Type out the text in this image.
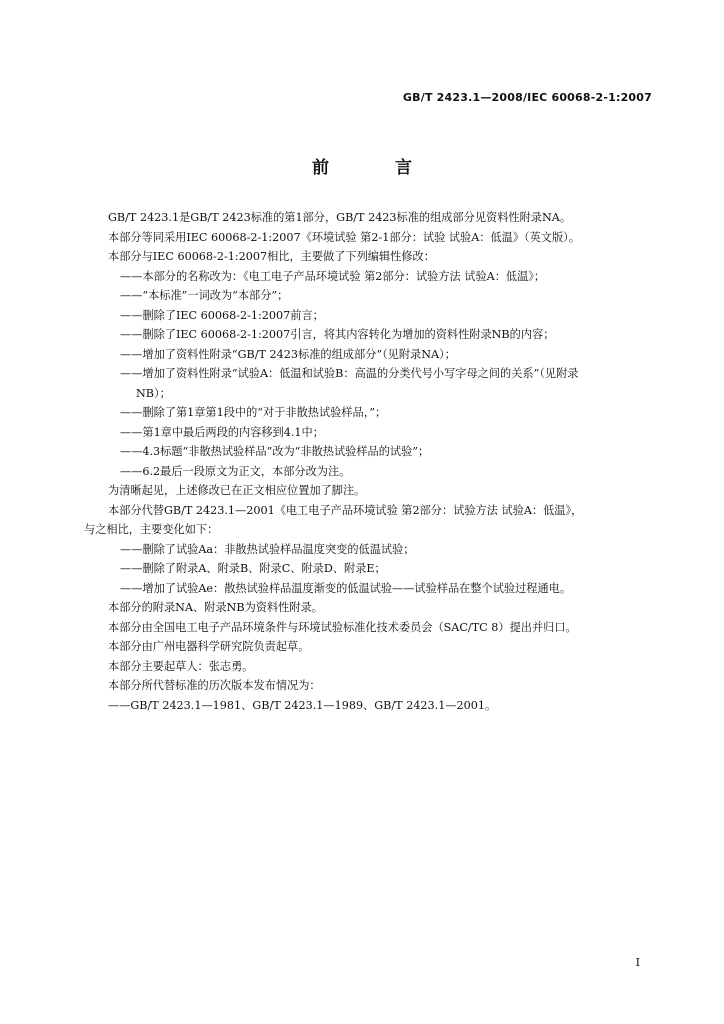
GB/T 2423.1—2008/IEC 60068-2-1:2007
前 言
GB/T 2423.1是GB/T 2423标准的第1部分，GB/T 2423标准的组成部分见资料性附录NA。
本部分等同采用IEC 60068-2-1:2007《环境试验 第2-1部分：试验 试验A：低温》（英文版）。
本部分与IEC 60068-2-1:2007相比，主要做了下列编辑性修改：
——本部分的名称改为：《电工电子产品环境试验 第2部分：试验方法 试验A：低温》；
——“本标准”一词改为“本部分”；
——删除了IEC 60068-2-1:2007前言；
——删除了IEC 60068-2-1:2007引言，将其内容转化为增加的资料性附录NB的内容；
——增加了资料性附录“GB/T 2423标准的组成部分”（见附录NA）；
——增加了资料性附录“试验A：低温和试验B：高温的分类代号小写字母之间的关系”（见附录
NB）；
——删除了第1章第1段中的“对于非散热试验样品，”；
——第1章中最后两段的内容移到4.1中；
——4.3标题“非散热试验样品”改为“非散热试验样品的试验”；
——6.2最后一段原文为正文，本部分改为注。
为清晰起见，上述修改已在正文相应位置加了脚注。
本部分代替GB/T 2423.1—2001《电工电子产品环境试验 第2部分：试验方法 试验A：低温》，
与之相比，主要变化如下：
——删除了试验Aa：非散热试验样品温度突变的低温试验；
——删除了附录A、附录B、附录C、附录D、附录E；
——增加了试验Ae：散热试验样品温度渐变的低温试验——试验样品在整个试验过程通电。
本部分的附录NA、附录NB为资料性附录。
本部分由全国电工电子产品环境条件与环境试验标准化技术委员会（SAC/TC 8）提出并归口。
本部分由广州电器科学研究院负责起草。
本部分主要起草人：张志勇。
本部分所代替标准的历次版本发布情况为：
——GB/T 2423.1—1981、GB/T 2423.1—1989、GB/T 2423.1—2001。
I
